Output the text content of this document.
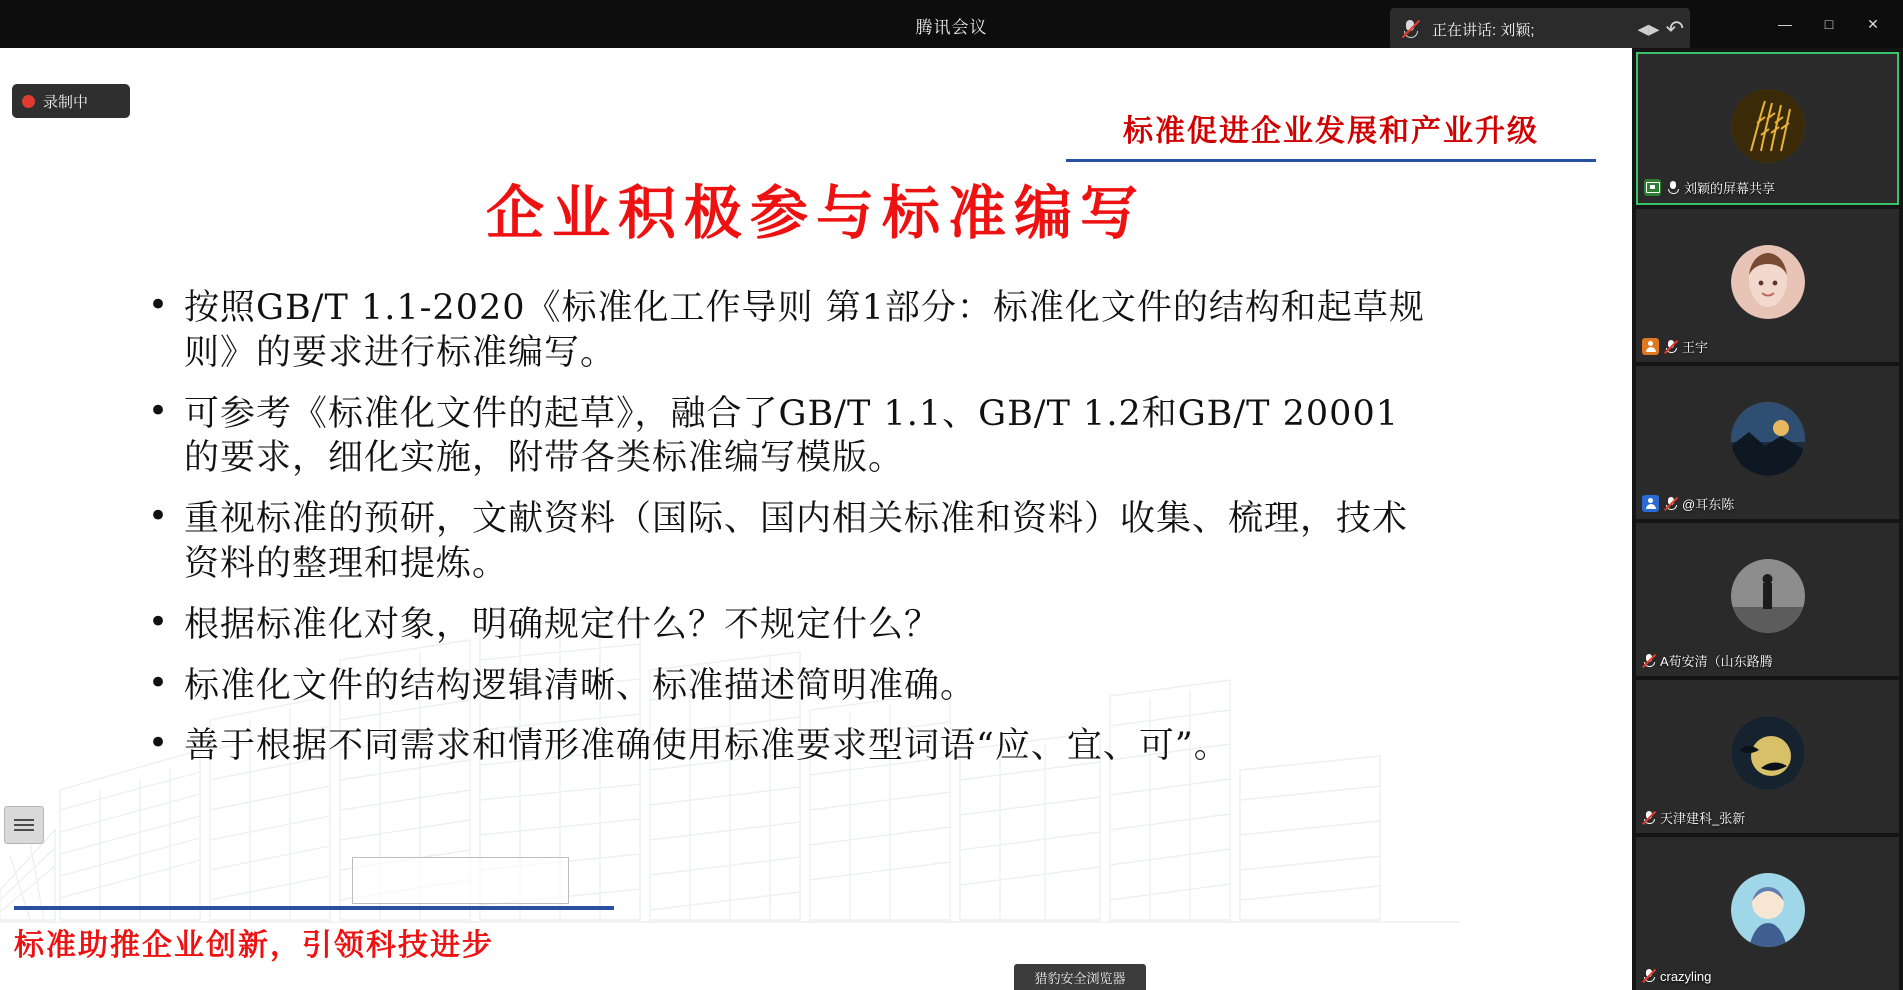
腾讯会议	正在讲话: 刘颖;	◂▸ ↶	—	□	✕
标准促进企业发展和产业升级
企业积极参与标准编写
• 按照GB/T 1.1-2020《标准化工作导则 第1部分：标准化文件的结构和起草规则》的要求进行标准编写。
• 可参考《标准化文件的起草》，融合了GB/T 1.1、GB/T 1.2和GB/T 20001的要求，细化实施，附带各类标准编写模版。
• 重视标准的预研，文献资料（国际、国内相关标准和资料）收集、梳理，技术资料的整理和提炼。
• 根据标准化对象，明确规定什么？不规定什么？
• 标准化文件的结构逻辑清晰、标准描述简明准确。
• 善于根据不同需求和情形准确使用标准要求型词语“应、宜、可”。
标准助推企业创新，引领科技进步
录制中
猎豹安全浏览器
刘颖的屏幕共享
王宇
@耳东陈
A荀安清（山东路腾
天津建科_张新
crazyling
